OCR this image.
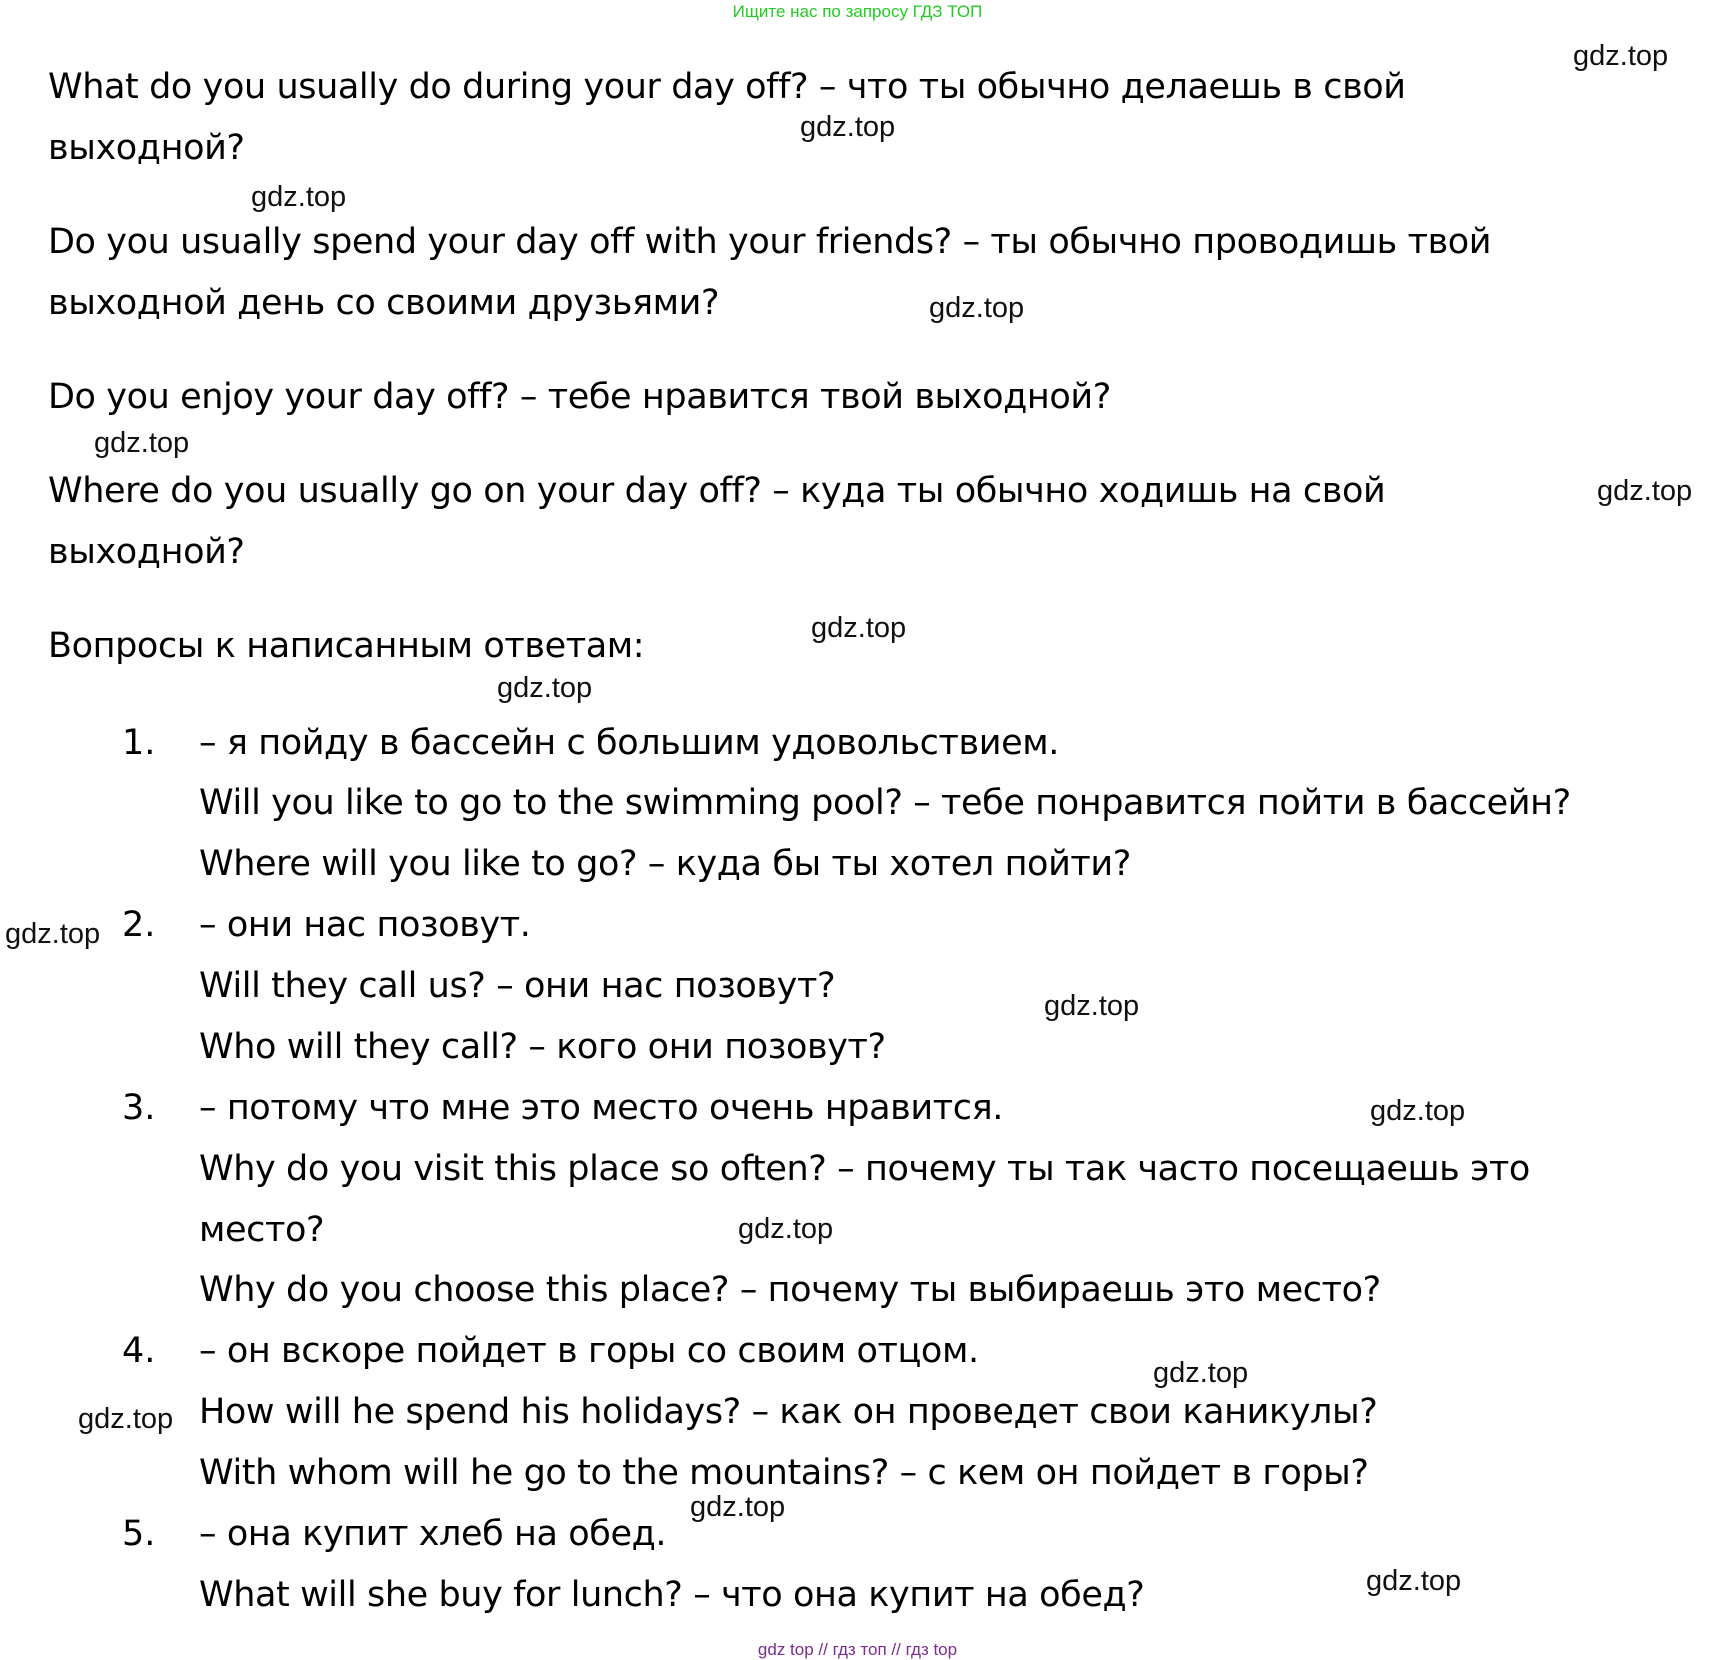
Ищите нас по запросу ГДЗ ТОП
What do you usually do during your day off? – что ты обычно делаешь в свой
выходной?
Do you usually spend your day off with your friends? – ты обычно проводишь твой
выходной день со своими друзьями?
Do you enjoy your day off? – тебе нравится твой выходной?
Where do you usually go on your day off? – куда ты обычно ходишь на свой
выходной?
Вопросы к написанным ответам:
1. – я пойду в бассейн с большим удовольствием.
Will you like to go to the swimming pool? – тебе понравится пойти в бассейн?
Where will you like to go? – куда бы ты хотел пойти?
2. – они нас позовут.
Will they call us? – они нас позовут?
Who will they call? – кого они позовут?
3. – потому что мне это место очень нравится.
Why do you visit this place so often? – почему ты так часто посещаешь это
место?
Why do you choose this place? – почему ты выбираешь это место?
4. – он вскоре пойдет в горы со своим отцом.
How will he spend his holidays? – как он проведет свои каникулы?
With whom will he go to the mountains? – с кем он пойдет в горы?
5. – она купит хлеб на обед.
What will she buy for lunch? – что она купит на обед?
gdz.top
gdz.top
gdz.top
gdz.top
gdz.top
gdz.top
gdz.top
gdz.top
gdz.top
gdz.top
gdz.top
gdz.top
gdz.top
gdz.top
gdz.top
gdz.top
gdz top // гдз топ // гдз top
